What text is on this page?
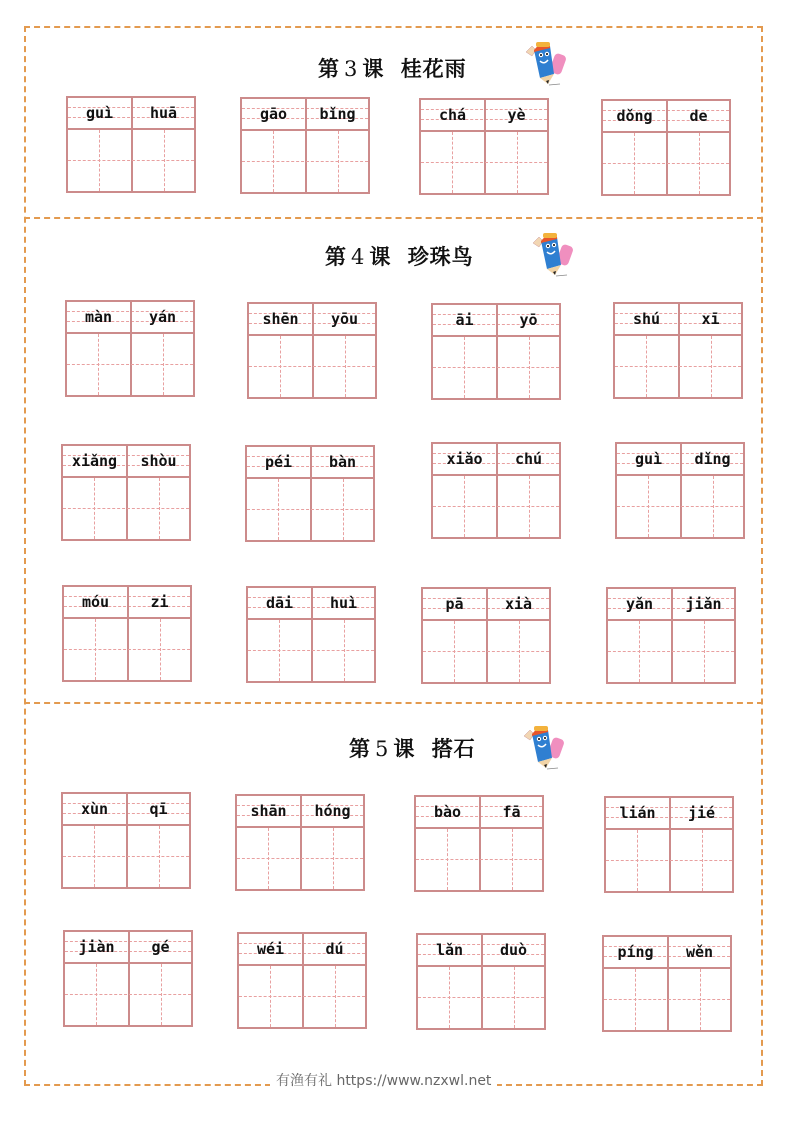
第 3 课 桂花雨
第 4 课 珍珠鸟
第 5 课 搭石
guì	huā	gāo	bǐng	chá	yè	dǒng	de
màn	yán	shēn	yōu	āi	yō	shú	xī
xiǎng	shòu	péi	bàn	xiǎo	chú	guì	dǐng
móu	zi	dāi	huì	pā	xià	yǎn	jiǎn
xùn	qī	shān	hóng	bào	fā	lián	jié
jiàn	gé	wéi	dú	lǎn	duò	píng	wěn
有渔有礼 https://www.nzxwl.net
